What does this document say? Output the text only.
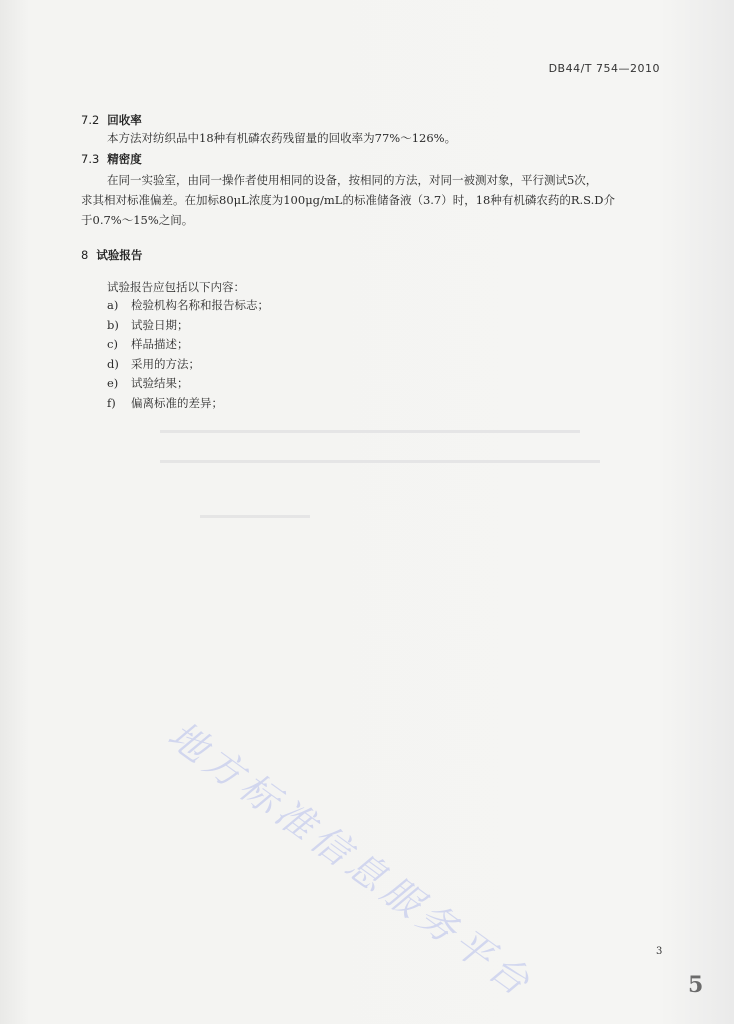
DB44/T 754—2010
7.2 回收率
本方法对纺织品中18种有机磷农药残留量的回收率为77%～126%。
7.3 精密度
在同一实验室，由同一操作者使用相同的设备，按相同的方法，对同一被测对象，平行测试5次，
求其相对标准偏差。在加标80μL浓度为100μg/mL的标准储备液（3.7）时，18种有机磷农药的R.S.D介
于0.7%～15%之间。
8 试验报告
试验报告应包括以下内容：
a) 检验机构名称和报告标志；
b) 试验日期；
c) 样品描述；
d) 采用的方法；
e) 试验结果；
f) 偏离标准的差异；
地方标准信息服务平台	3
5
